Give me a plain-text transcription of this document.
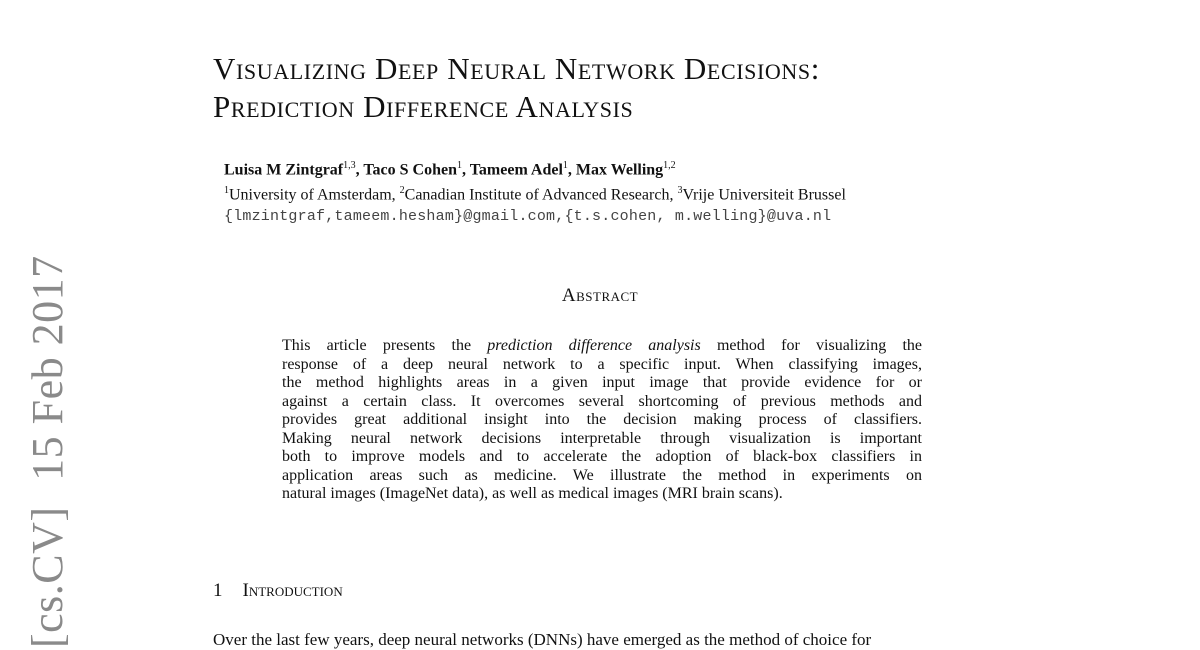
[cs.CV] 15 Feb 2017
Visualizing Deep Neural Network Decisions:
Prediction Difference Analysis
Luisa M Zintgraf$^{1,3}$, Taco S Cohen$^1$, Tameem Adel$^1$, Max Welling$^{1,2}$
$^1$University of Amsterdam, $^2$Canadian Institute of Advanced Research, $^3$Vrije Universiteit Brussel
{lmzintgraf,tameem.hesham}@gmail.com,{t.s.cohen, m.welling}@uva.nl
Abstract
This article presents the prediction difference analysis method for visualizing the
response of a deep neural network to a specific input. When classifying images,
the method highlights areas in a given input image that provide evidence for or
against a certain class. It overcomes several shortcoming of previous methods and
provides great additional insight into the decision making process of classifiers.
Making neural network decisions interpretable through visualization is important
both to improve models and to accelerate the adoption of black-box classifiers in
application areas such as medicine. We illustrate the method in experiments on
natural images (ImageNet data), as well as medical images (MRI brain scans).
1 Introduction
Over the last few years, deep neural networks (DNNs) have emerged as the method of choice for
